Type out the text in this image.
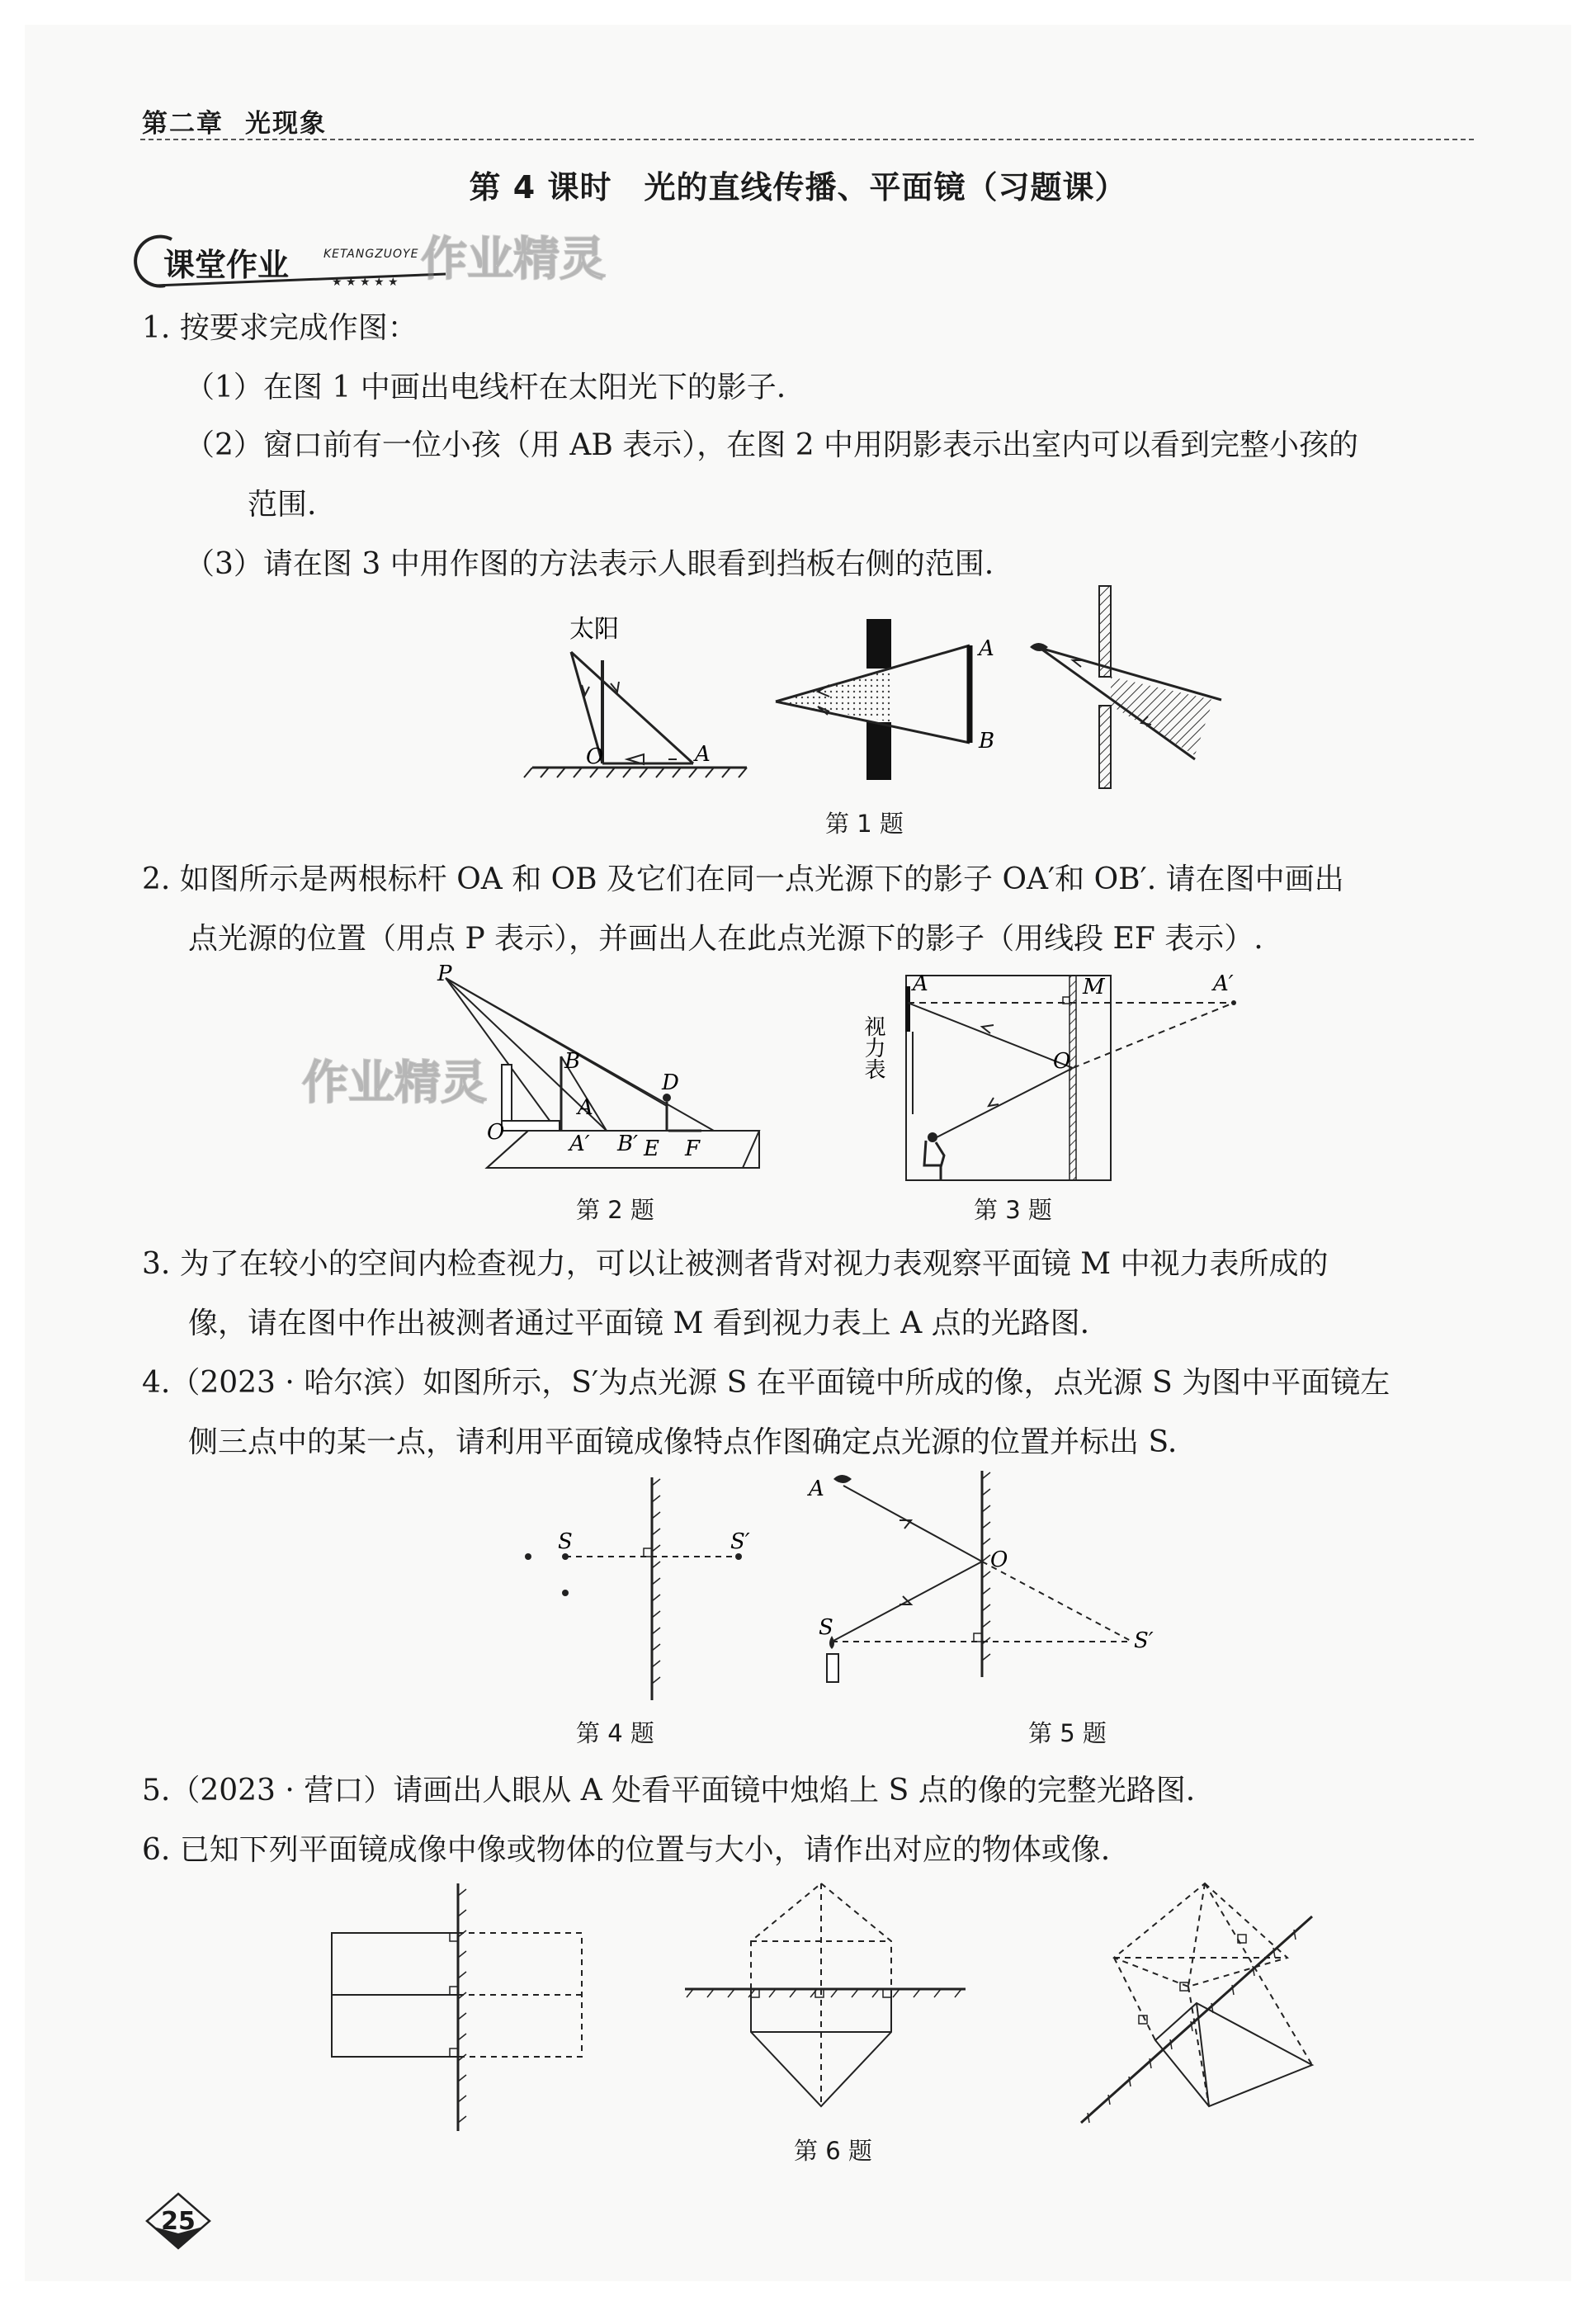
第二章 光现象
第 4 课时　光的直线传播、平面镜（习题课）
★ ★ ★ ★ ★
课堂作业	KETANGZUOYE 作业精灵
1. 按要求完成作图：
（1）在图 1 中画出电线杆在太阳光下的影子.
（2）窗口前有一位小孩（用 AB 表示），在图 2 中用阴影表示出室内可以看到完整小孩的
范围.
（3）请在图 3 中用作图的方法表示人眼看到挡板右侧的范围.
太阳
O	A
A
B
第 1 题
2. 如图所示是两根标杆 OA 和 OB 及它们在同一点光源下的影子 OA′和 OB′. 请在图中画出
点光源的位置（用点 P 表示），并画出人在此点光源下的影子（用线段 EF 表示）.
P
O
B
A
A′ B′
D
E F
作业精灵
第 2 题
视力表
A	M	A′
O
第 3 题
3. 为了在较小的空间内检查视力，可以让被测者背对视力表观察平面镜 M 中视力表所成的
像，请在图中作出被测者通过平面镜 M 看到视力表上 A 点的光路图.
4.（2023 · 哈尔滨）如图所示，S′为点光源 S 在平面镜中所成的像，点光源 S 为图中平面镜左
侧三点中的某一点，请利用平面镜成像特点作图确定点光源的位置并标出 S.
S	S′
第 4 题
A
O
S
S′
第 5 题
5.（2023 · 营口）请画出人眼从 A 处看平面镜中烛焰上 S 点的像的完整光路图.
6. 已知下列平面镜成像中像或物体的位置与大小，请作出对应的物体或像.
第 6 题
25
